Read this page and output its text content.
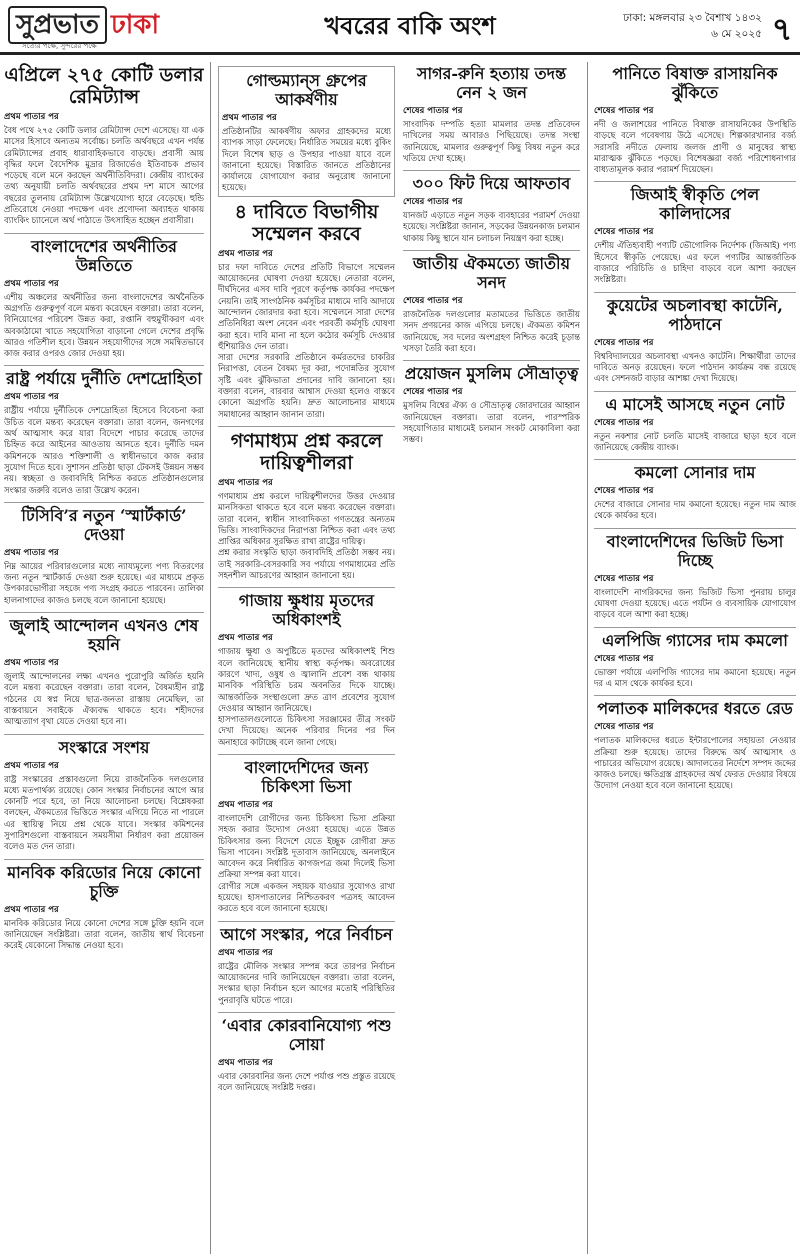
সুপ্রভাত ঢাকা
সত্যের পক্ষে, সুন্দরের পক্ষে
খবরের বাকি অংশ	ঢাকা: মঙ্গলবার ২৩ বৈশাখ ১৪৩২
৬ মে ২০২৫ ৭
এপ্রিলে ২৭৫ কোটি ডলার রেমিট্যান্স
প্রথম পাতার পর

বৈধ পথে ২৭৫ কোটি ডলার রেমিট্যান্স দেশে এসেছে। যা এক মাসের হিসাবে অন্যতম সর্বোচ্চ। চলতি অর্থবছরে এখন পর্যন্ত রেমিট্যান্সের প্রবাহ ধারাবাহিকভাবে বাড়ছে। প্রবাসী আয় বৃদ্ধির ফলে বৈদেশিক মুদ্রার রিজার্ভেও ইতিবাচক প্রভাব পড়েছে বলে মনে করছেন অর্থনীতিবিদরা। কেন্দ্রীয় ব্যাংকের তথ্য অনুযায়ী চলতি অর্থবছরের প্রথম দশ মাসে আগের বছরের তুলনায় রেমিট্যান্স উল্লেখযোগ্য হারে বেড়েছে। হুন্ডি প্রতিরোধে নেওয়া পদক্ষেপ এবং প্রণোদনা অব্যাহত থাকায় ব্যাংকিং চ্যানেলে অর্থ পাঠাতে উৎসাহিত হচ্ছেন প্রবাসীরা।

বাংলাদেশের অর্থনীতির উন্নতিতে
প্রথম পাতার পর

এশীয় অঞ্চলের অর্থনীতির জন্য বাংলাদেশের অর্থনৈতিক অগ্রগতি গুরুত্বপূর্ণ বলে মন্তব্য করেছেন বক্তারা। তারা বলেন, বিনিয়োগের পরিবেশ উন্নত করা, রপ্তানি বহুমুখীকরণ এবং অবকাঠামো খাতে সহযোগিতা বাড়ানো গেলে দেশের প্রবৃদ্ধি আরও গতিশীল হবে। উন্নয়ন সহযোগীদের সঙ্গে সমন্বিতভাবে কাজ করার ওপরও জোর দেওয়া হয়।

রাষ্ট্র পর্যায়ে দুর্নীতি দেশদ্রোহিতা
প্রথম পাতার পর

রাষ্ট্রীয় পর্যায়ে দুর্নীতিকে দেশদ্রোহিতা হিসেবে বিবেচনা করা উচিত বলে মন্তব্য করেছেন বক্তারা। তারা বলেন, জনগণের অর্থ আত্মসাৎ করে যারা বিদেশে পাচার করেছে তাদের চিহ্নিত করে আইনের আওতায় আনতে হবে। দুর্নীতি দমন কমিশনকে আরও শক্তিশালী ও স্বাধীনভাবে কাজ করার সুযোগ দিতে হবে। সুশাসন প্রতিষ্ঠা ছাড়া টেকসই উন্নয়ন সম্ভব নয়। স্বচ্ছতা ও জবাবদিহি নিশ্চিত করতে প্রতিষ্ঠানগুলোর সংস্কার জরুরি বলেও তারা উল্লেখ করেন।

টিসিবি’র নতুন ‘স্মার্টকার্ড’ দেওয়া
প্রথম পাতার পর

নিম্ন আয়ের পরিবারগুলোর মধ্যে ন্যায্যমূল্যে পণ্য বিতরণের জন্য নতুন স্মার্টকার্ড দেওয়া শুরু হয়েছে। এর মাধ্যমে প্রকৃত উপকারভোগীরা সহজে পণ্য সংগ্রহ করতে পারবেন। তালিকা হালনাগাদের কাজও চলছে বলে জানানো হয়েছে।

জুলাই আন্দোলন এখনও শেষ হয়নি
প্রথম পাতার পর

জুলাই আন্দোলনের লক্ষ্য এখনও পুরোপুরি অর্জিত হয়নি বলে মন্তব্য করেছেন বক্তারা। তারা বলেন, বৈষম্যহীন রাষ্ট্র গঠনের যে স্বপ্ন নিয়ে ছাত্র-জনতা রাস্তায় নেমেছিল, তা বাস্তবায়নে সবাইকে ঐক্যবদ্ধ থাকতে হবে। শহীদদের আত্মত্যাগ বৃথা যেতে দেওয়া হবে না।

সংস্কারে সংশয়
প্রথম পাতার পর

রাষ্ট্র সংস্কারের প্রস্তাবগুলো নিয়ে রাজনৈতিক দলগুলোর মধ্যে মতপার্থক্য রয়েছে। কোন সংস্কার নির্বাচনের আগে আর কোনটি পরে হবে, তা নিয়ে আলোচনা চলছে। বিশ্লেষকরা বলছেন, ঐকমত্যের ভিত্তিতে সংস্কার এগিয়ে নিতে না পারলে এর স্থায়িত্ব নিয়ে প্রশ্ন থেকে যাবে। সংস্কার কমিশনের সুপারিশগুলো বাস্তবায়নে সময়সীমা নির্ধারণ করা প্রয়োজন বলেও মত দেন তারা।

মানবিক করিডোর নিয়ে কোনো চুক্তি
প্রথম পাতার পর

মানবিক করিডোর নিয়ে কোনো দেশের সঙ্গে চুক্তি হয়নি বলে জানিয়েছেন সংশ্লিষ্টরা। তারা বলেন, জাতীয় স্বার্থ বিবেচনা করেই যেকোনো সিদ্ধান্ত নেওয়া হবে।

গোল্ডম্যান্‌স গ্রুপের আকর্ষণীয়
প্রথম পাতার পর

প্রতিষ্ঠানটির আকর্ষণীয় অফার গ্রাহকদের মধ্যে ব্যাপক সাড়া ফেলেছে। নির্ধারিত সময়ের মধ্যে বুকিং দিলে বিশেষ ছাড় ও উপহার পাওয়া যাবে বলে জানানো হয়েছে। বিস্তারিত জানতে প্রতিষ্ঠানের কার্যালয়ে যোগাযোগ করার অনুরোধ জানানো হয়েছে।

৪ দাবিতে বিভাগীয় সম্মেলন করবে
প্রথম পাতার পর

চার দফা দাবিতে দেশের প্রতিটি বিভাগে সম্মেলন আয়োজনের ঘোষণা দেওয়া হয়েছে। নেতারা বলেন, দীর্ঘদিনের এসব দাবি পূরণে কর্তৃপক্ষ কার্যকর পদক্ষেপ নেয়নি। তাই সাংগঠনিক কর্মসূচির মাধ্যমে দাবি আদায়ে আন্দোলন জোরদার করা হবে। সম্মেলনে সারা দেশের প্রতিনিধিরা অংশ নেবেন এবং পরবর্তী কর্মসূচি ঘোষণা করা হবে। দাবি মানা না হলে কঠোর কর্মসূচি দেওয়ার হুঁশিয়ারিও দেন তারা।

সারা দেশের সরকারি প্রতিষ্ঠানে কর্মরতদের চাকরির নিরাপত্তা, বেতন বৈষম্য দূর করা, পদোন্নতির সুযোগ সৃষ্টি এবং ঝুঁকিভাতা প্রদানের দাবি জানানো হয়। বক্তারা বলেন, বারবার আশ্বাস দেওয়া হলেও বাস্তবে কোনো অগ্রগতি হয়নি। দ্রুত আলোচনার মাধ্যমে সমাধানের আহ্বান জানান তারা।

গণমাধ্যম প্রশ্ন করলে দায়িত্বশীলরা
প্রথম পাতার পর

গণমাধ্যম প্রশ্ন করলে দায়িত্বশীলদের উত্তর দেওয়ার মানসিকতা থাকতে হবে বলে মন্তব্য করেছেন বক্তারা। তারা বলেন, স্বাধীন সাংবাদিকতা গণতন্ত্রের অন্যতম ভিত্তি। সাংবাদিকদের নিরাপত্তা নিশ্চিত করা এবং তথ্য প্রাপ্তির অধিকার সুরক্ষিত রাখা রাষ্ট্রের দায়িত্ব।

প্রশ্ন করার সংস্কৃতি ছাড়া জবাবদিহি প্রতিষ্ঠা সম্ভব নয়। তাই সরকারি-বেসরকারি সব পর্যায়ে গণমাধ্যমের প্রতি সহনশীল আচরণের আহ্বান জানানো হয়।

গাজায় ক্ষুধায় মৃতদের অধিকাংশই
প্রথম পাতার পর

গাজায় ক্ষুধা ও অপুষ্টিতে মৃতদের অধিকাংশই শিশু বলে জানিয়েছে স্থানীয় স্বাস্থ্য কর্তৃপক্ষ। অবরোধের কারণে খাদ্য, ওষুধ ও জ্বালানি প্রবেশ বন্ধ থাকায় মানবিক পরিস্থিতি চরম অবনতির দিকে যাচ্ছে। আন্তর্জাতিক সংস্থাগুলো দ্রুত ত্রাণ প্রবেশের সুযোগ দেওয়ার আহ্বান জানিয়েছে।

হাসপাতালগুলোতে চিকিৎসা সরঞ্জামের তীব্র সংকট দেখা দিয়েছে। অনেক পরিবার দিনের পর দিন অনাহারে কাটাচ্ছে বলে জানা গেছে।

বাংলাদেশিদের জন্য চিকিৎসা ভিসা
প্রথম পাতার পর

বাংলাদেশি রোগীদের জন্য চিকিৎসা ভিসা প্রক্রিয়া সহজ করার উদ্যোগ নেওয়া হয়েছে। এতে উন্নত চিকিৎসার জন্য বিদেশে যেতে ইচ্ছুক রোগীরা দ্রুত ভিসা পাবেন। সংশ্লিষ্ট দূতাবাস জানিয়েছে, অনলাইনে আবেদন করে নির্ধারিত কাগজপত্র জমা দিলেই ভিসা প্রক্রিয়া সম্পন্ন করা যাবে।

রোগীর সঙ্গে একজন সহায়ক যাওয়ার সুযোগও রাখা হয়েছে। হাসপাতালের নিশ্চিতকরণ পত্রসহ আবেদন করতে হবে বলে জানানো হয়েছে।

আগে সংস্কার, পরে নির্বাচন
প্রথম পাতার পর

রাষ্ট্রের মৌলিক সংস্কার সম্পন্ন করে তারপর নির্বাচন আয়োজনের দাবি জানিয়েছেন বক্তারা। তারা বলেন, সংস্কার ছাড়া নির্বাচন হলে আগের মতোই পরিস্থিতির পুনরাবৃত্তি ঘটতে পারে।

‘এবার কোরবানিযোগ্য পশু সোয়া
প্রথম পাতার পর

এবার কোরবানির জন্য দেশে পর্যাপ্ত পশু প্রস্তুত রয়েছে বলে জানিয়েছে সংশ্লিষ্ট দপ্তর।

সাগর-রুনি হত্যায় তদন্ত নেন ২ জন
শেষের পাতার পর

সাংবাদিক দম্পতি হত্যা মামলার তদন্ত প্রতিবেদন দাখিলের সময় আবারও পিছিয়েছে। তদন্ত সংস্থা জানিয়েছে, মামলার গুরুত্বপূর্ণ কিছু বিষয় নতুন করে খতিয়ে দেখা হচ্ছে।

৩০০ ফিট দিয়ে আফতাব
শেষের পাতার পর

যানজট এড়াতে নতুন সড়ক ব্যবহারের পরামর্শ দেওয়া হয়েছে। সংশ্লিষ্টরা জানান, সড়কের উন্নয়নকাজ চলমান থাকায় কিছু স্থানে যান চলাচল নিয়ন্ত্রণ করা হচ্ছে।

জাতীয় ঐকমত্যে জাতীয় সনদ
শেষের পাতার পর

রাজনৈতিক দলগুলোর মতামতের ভিত্তিতে জাতীয় সনদ প্রণয়নের কাজ এগিয়ে চলছে। ঐকমত্য কমিশন জানিয়েছে, সব দলের অংশগ্রহণ নিশ্চিত করেই চূড়ান্ত খসড়া তৈরি করা হবে।

প্রয়োজন মুসলিম সৌভ্রাতৃত্ব
শেষের পাতার পর

মুসলিম বিশ্বের ঐক্য ও সৌভ্রাতৃত্ব জোরদারের আহ্বান জানিয়েছেন বক্তারা। তারা বলেন, পারস্পরিক সহযোগিতার মাধ্যমেই চলমান সংকট মোকাবিলা করা সম্ভব।

পানিতে বিষাক্ত রাসায়নিক ঝুঁকিতে
শেষের পাতার পর

নদী ও জলাশয়ের পানিতে বিষাক্ত রাসায়নিকের উপস্থিতি বাড়ছে বলে গবেষণায় উঠে এসেছে। শিল্পকারখানার বর্জ্য সরাসরি নদীতে ফেলায় জলজ প্রাণী ও মানুষের স্বাস্থ্য মারাত্মক ঝুঁকিতে পড়ছে। বিশেষজ্ঞরা বর্জ্য পরিশোধনাগার বাধ্যতামূলক করার পরামর্শ দিয়েছেন।

জিআই স্বীকৃতি পেল কালিদাসের
শেষের পাতার পর

দেশীয় ঐতিহ্যবাহী পণ্যটি ভৌগোলিক নির্দেশক (জিআই) পণ্য হিসেবে স্বীকৃতি পেয়েছে। এর ফলে পণ্যটির আন্তর্জাতিক বাজারে পরিচিতি ও চাহিদা বাড়বে বলে আশা করছেন সংশ্লিষ্টরা।

কুয়েটের অচলাবস্থা কাটেনি, পাঠদানে
শেষের পাতার পর

বিশ্ববিদ্যালয়ের অচলাবস্থা এখনও কাটেনি। শিক্ষার্থীরা তাদের দাবিতে অনড় রয়েছেন। ফলে পাঠদান কার্যক্রম বন্ধ রয়েছে এবং সেশনজট বাড়ার আশঙ্কা দেখা দিয়েছে।

এ মাসেই আসছে নতুন নোট
শেষের পাতার পর

নতুন নকশার নোট চলতি মাসেই বাজারে ছাড়া হবে বলে জানিয়েছে কেন্দ্রীয় ব্যাংক।

কমলো সোনার দাম
শেষের পাতার পর

দেশের বাজারে সোনার দাম কমানো হয়েছে। নতুন দাম আজ থেকে কার্যকর হবে।

বাংলাদেশিদের ভিজিট ভিসা দিচ্ছে
শেষের পাতার পর

বাংলাদেশি নাগরিকদের জন্য ভিজিট ভিসা পুনরায় চালুর ঘোষণা দেওয়া হয়েছে। এতে পর্যটন ও ব্যবসায়িক যোগাযোগ বাড়বে বলে আশা করা হচ্ছে।

এলপিজি গ্যাসের দাম কমলো
শেষের পাতার পর

ভোক্তা পর্যায়ে এলপিজি গ্যাসের দাম কমানো হয়েছে। নতুন দর এ মাস থেকে কার্যকর হবে।

পলাতক মালিকদের ধরতে রেড
শেষের পাতার পর

পলাতক মালিকদের ধরতে ইন্টারপোলের সহায়তা নেওয়ার প্রক্রিয়া শুরু হয়েছে। তাদের বিরুদ্ধে অর্থ আত্মসাৎ ও পাচারের অভিযোগ রয়েছে। আদালতের নির্দেশে সম্পদ জব্দের কাজও চলছে। ক্ষতিগ্রস্ত গ্রাহকদের অর্থ ফেরত দেওয়ার বিষয়ে উদ্যোগ নেওয়া হবে বলে জানানো হয়েছে।
